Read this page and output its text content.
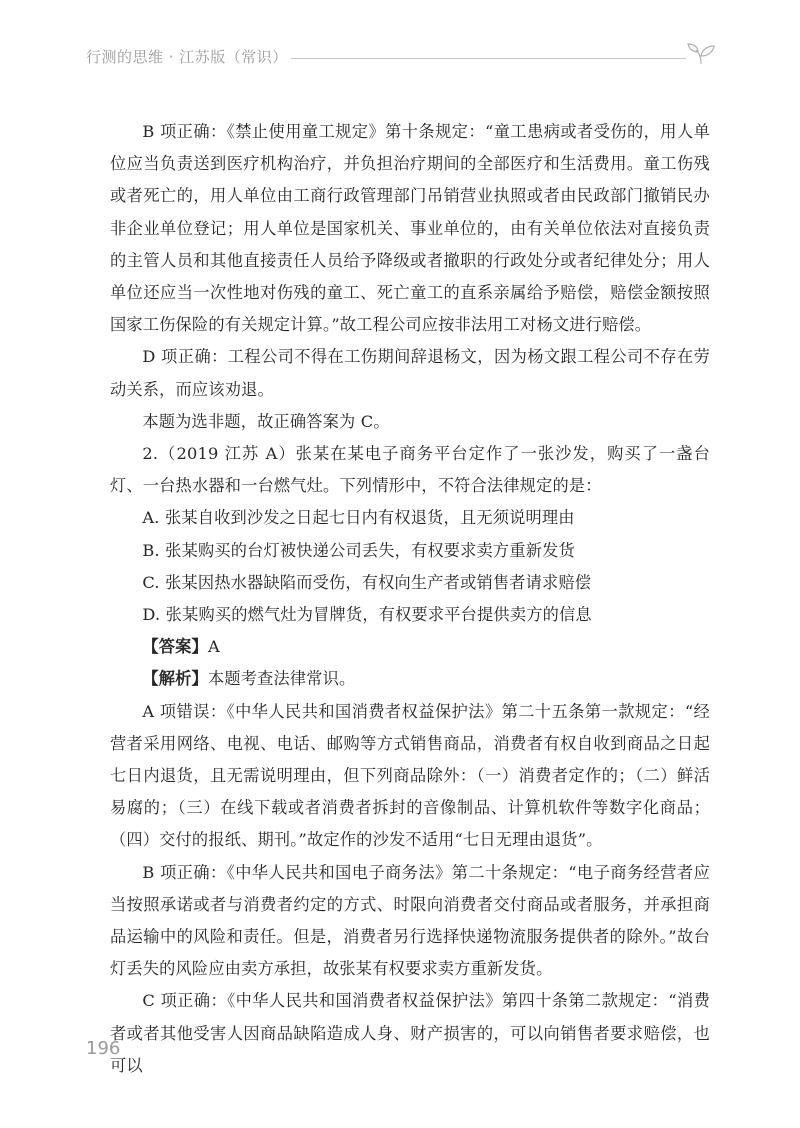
行测的思维 · 江苏版（常识）

B 项正确：《禁止使用童工规定》第十条规定：“童工患病或者受伤的，用人单位应当负责送到医疗机构治疗，并负担治疗期间的全部医疗和生活费用。童工伤残或者死亡的，用人单位由工商行政管理部门吊销营业执照或者由民政部门撤销民办非企业单位登记；用人单位是国家机关、事业单位的，由有关单位依法对直接负责的主管人员和其他直接责任人员给予降级或者撤职的行政处分或者纪律处分；用人单位还应当一次性地对伤残的童工、死亡童工的直系亲属给予赔偿，赔偿金额按照国家工伤保险的有关规定计算。”故工程公司应按非法用工对杨文进行赔偿。

D 项正确：工程公司不得在工伤期间辞退杨文，因为杨文跟工程公司不存在劳动关系，而应该劝退。

本题为选非题，故正确答案为 C。

2.（2019 江苏 A）张某在某电子商务平台定作了一张沙发，购买了一盏台灯、一台热水器和一台燃气灶。下列情形中，不符合法律规定的是：

A. 张某自收到沙发之日起七日内有权退货，且无须说明理由

B. 张某购买的台灯被快递公司丢失，有权要求卖方重新发货

C. 张某因热水器缺陷而受伤，有权向生产者或销售者请求赔偿

D. 张某购买的燃气灶为冒牌货，有权要求平台提供卖方的信息

【答案】A

【解析】本题考查法律常识。

A 项错误：《中华人民共和国消费者权益保护法》第二十五条第一款规定：“经营者采用网络、电视、电话、邮购等方式销售商品，消费者有权自收到商品之日起七日内退货，且无需说明理由，但下列商品除外：（一）消费者定作的；（二）鲜活易腐的；（三）在线下载或者消费者拆封的音像制品、计算机软件等数字化商品；（四）交付的报纸、期刊。”故定作的沙发不适用“七日无理由退货”。

B 项正确：《中华人民共和国电子商务法》第二十条规定：“电子商务经营者应当按照承诺或者与消费者约定的方式、时限向消费者交付商品或者服务，并承担商品运输中的风险和责任。但是，消费者另行选择快递物流服务提供者的除外。”故台灯丢失的风险应由卖方承担，故张某有权要求卖方重新发货。

C 项正确：《中华人民共和国消费者权益保护法》第四十条第二款规定：“消费者或者其他受害人因商品缺陷造成人身、财产损害的，可以向销售者要求赔偿，也可以

196
